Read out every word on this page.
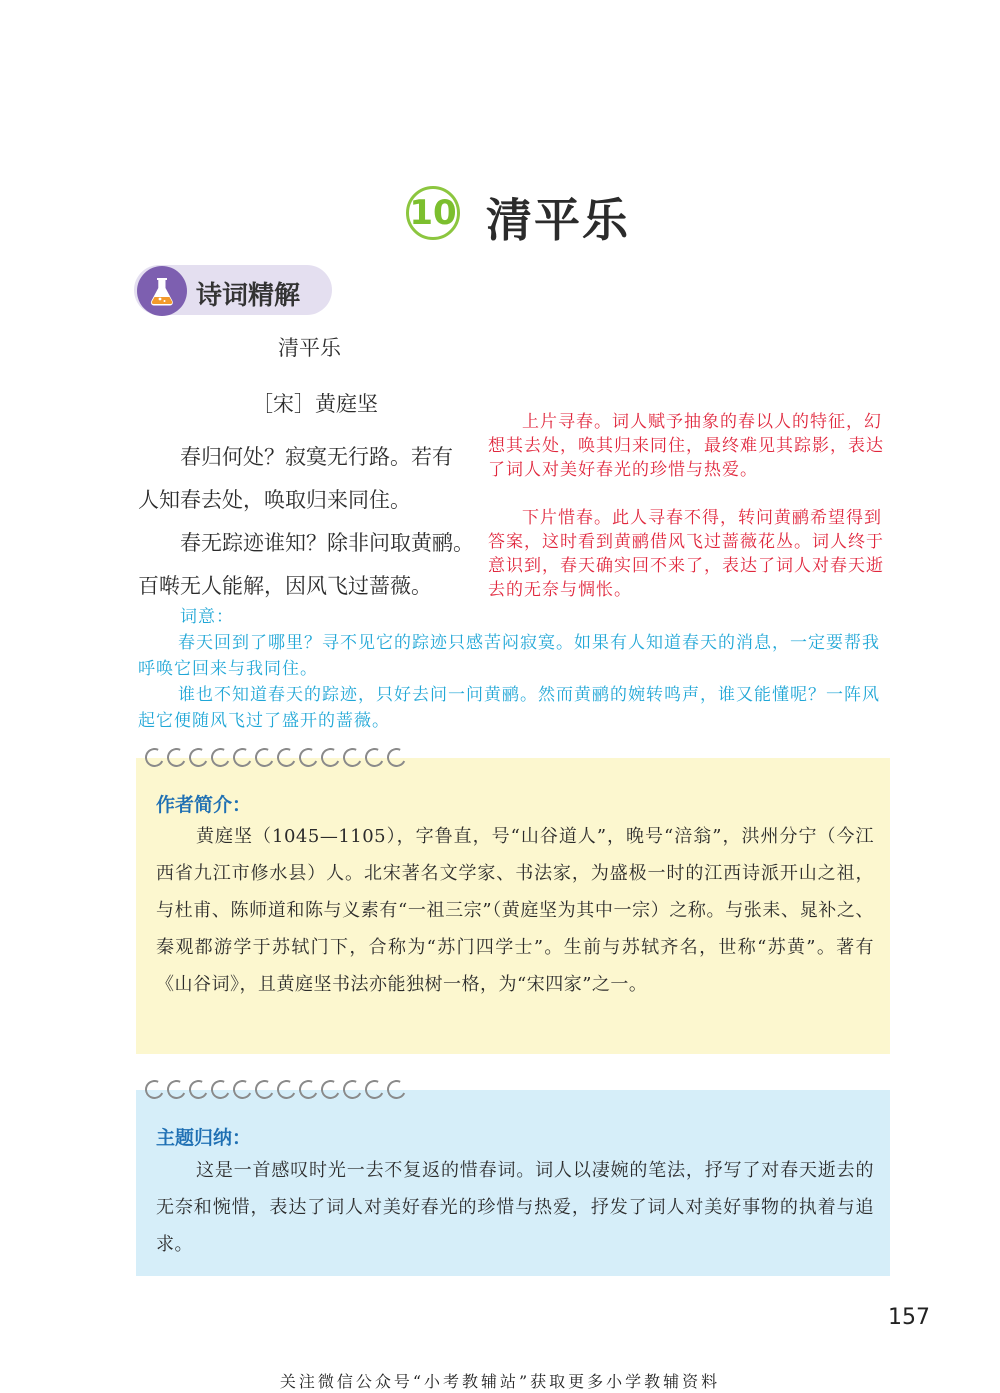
10 清平乐
诗词精解
清平乐
［宋］黄庭坚
春归何处？寂寞无行路。若有
人知春去处，唤取归来同住。
春无踪迹谁知？除非问取黄鹂。
百啭无人能解，因风飞过蔷薇。
上片寻春。词人赋予抽象的春以人的特征，幻想其去处，唤其归来同住，最终难见其踪影，表达了词人对美好春光的珍惜与热爱。
下片惜春。此人寻春不得，转问黄鹂希望得到答案，这时看到黄鹂借风飞过蔷薇花丛。词人终于意识到，春天确实回不来了，表达了词人对春天逝去的无奈与惆怅。
词意：
春天回到了哪里？寻不见它的踪迹只感苦闷寂寞。如果有人知道春天的消息，一定要帮我呼唤它回来与我同住。
谁也不知道春天的踪迹，只好去问一问黄鹂。然而黄鹂的婉转鸣声，谁又能懂呢？一阵风起它便随风飞过了盛开的蔷薇。
作者简介：
黄庭坚（1045—1105），字鲁直，号“山谷道人”，晚号“涪翁”，洪州分宁（今江西省九江市修水县）人。北宋著名文学家、书法家，为盛极一时的江西诗派开山之祖，与杜甫、陈师道和陈与义素有“一祖三宗”（黄庭坚为其中一宗）之称。与张耒、晁补之、秦观都游学于苏轼门下，合称为“苏门四学士”。生前与苏轼齐名，世称“苏黄”。著有《山谷词》，且黄庭坚书法亦能独树一格，为“宋四家”之一。
主题归纳：
这是一首感叹时光一去不复返的惜春词。词人以凄婉的笔法，抒写了对春天逝去的无奈和惋惜，表达了词人对美好春光的珍惜与热爱，抒发了词人对美好事物的执着与追求。
157
关注微信公众号“小考教辅站”获取更多小学教辅资料
